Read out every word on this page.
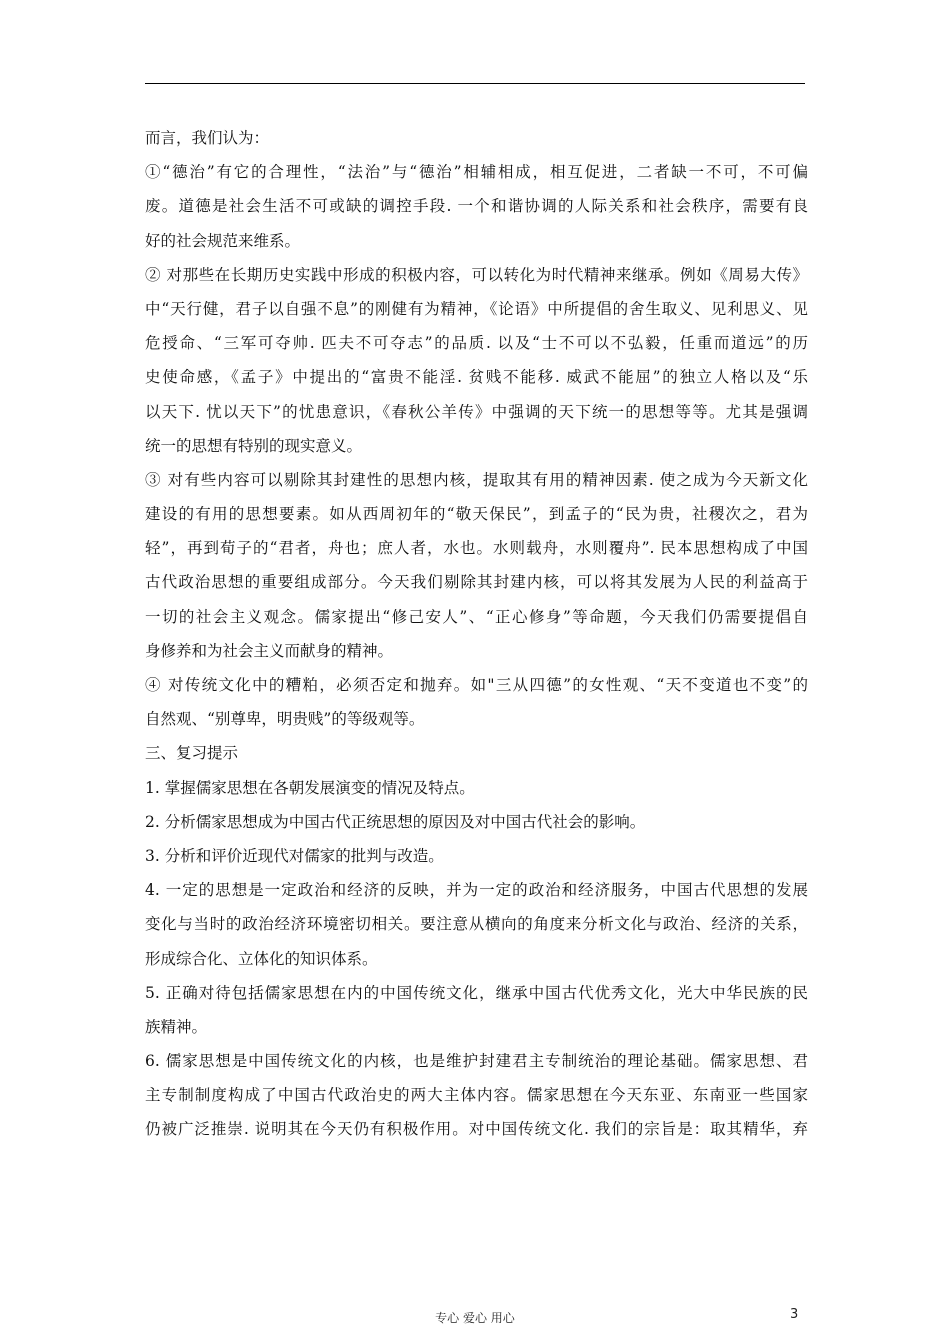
而言，我们认为：
①“德治”有它的合理性，“法治”与“德治”相辅相成，相互促进，二者缺一不可，不可偏
废。道德是社会生活不可或缺的调控手段. 一个和谐协调的人际关系和社会秩序，需要有良
好的社会规范来维系。
② 对那些在长期历史实践中形成的积极内容，可以转化为时代精神来继承。例如《周易大传》
中“天行健，君子以自强不息”的刚健有为精神，《论语》中所提倡的舍生取义、见利思义、见
危授命、“三军可夺帅. 匹夫不可夺志”的品质. 以及“士不可以不弘毅，任重而道远”的历
史使命感，《孟子》中提出的“富贵不能淫. 贫贱不能移. 威武不能屈”的独立人格以及“乐
以天下. 忧以天下”的忧患意识，《春秋公羊传》中强调的天下统一的思想等等。尤其是强调
统一的思想有特别的现实意义。
③ 对有些内容可以剔除其封建性的思想内核，提取其有用的精神因素. 使之成为今天新文化
建设的有用的思想要素。如从西周初年的“敬天保民”，到孟子的“民为贵，社稷次之，君为
轻”，再到荀子的“君者，舟也；庶人者，水也。水则载舟，水则覆舟”. 民本思想构成了中国
古代政治思想的重要组成部分。今天我们剔除其封建内核，可以将其发展为人民的利益高于
一切的社会主义观念。儒家提出“修己安人”、“正心修身”等命题，今天我们仍需要提倡自
身修养和为社会主义而献身的精神。
④ 对传统文化中的糟粕，必须否定和抛弃。如"三从四德”的女性观、“天不变道也不变”的
自然观、“别尊卑，明贵贱”的等级观等。
三、复习提示
1. 掌握儒家思想在各朝发展演变的情况及特点。
2. 分析儒家思想成为中国古代正统思想的原因及对中国古代社会的影响。
3. 分析和评价近现代对儒家的批判与改造。
4. 一定的思想是一定政治和经济的反映，并为一定的政治和经济服务，中国古代思想的发展
变化与当时的政治经济环境密切相关。要注意从横向的角度来分析文化与政治、经济的关系，
形成综合化、立体化的知识体系。
5. 正确对待包括儒家思想在内的中国传统文化，继承中国古代优秀文化，光大中华民族的民
族精神。
6. 儒家思想是中国传统文化的内核，也是维护封建君主专制统治的理论基础。儒家思想、君
主专制制度构成了中国古代政治史的两大主体内容。儒家思想在今天东亚、东南亚一些国家
仍被广泛推崇. 说明其在今天仍有积极作用。对中国传统文化. 我们的宗旨是：取其精华，弃
专心 爱心 用心	3
